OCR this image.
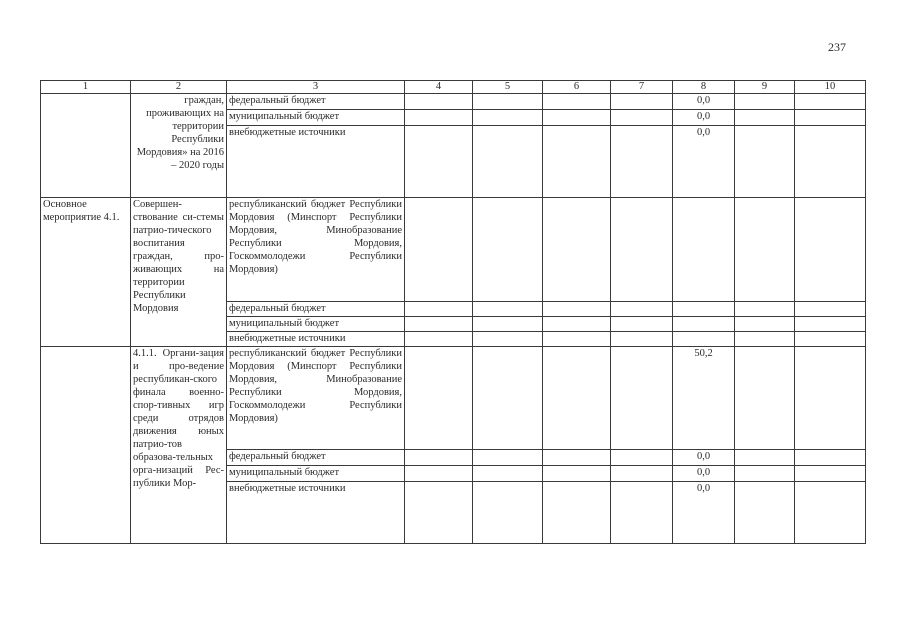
237
1	2	3	4	5	6	7	8	9	10
	граждан, проживающих на территории Республики Мордовия» на 2016 – 2020 годы	федеральный бюджет					0,0		
		муниципальный бюджет					0,0		
		внебюджетные источники					0,0		
Основное мероприятие 4.1.	Совершен-ствование си-стемы патрио-тического воспитания граждан, про-живающих на территории Республики Мордовия	республиканский бюджет Республики Мордовия (Минспорт Республики Мордовия, Минобразование Республики Мордовия, Госкоммолодежи Республики Мордовия)							
		федеральный бюджет							
		муниципальный бюджет							
		внебюджетные источники							
	4.1.1. Органи-зация и про-ведение республикан-ского финала военно-спор-тивных игр среди отрядов движения юных патрио-тов образова-тельных орга-низаций Рес-публики Мор-	республиканский бюджет Республики Мордовия (Минспорт Республики Мордовия, Минобразование Республики Мордовия, Госкоммолодежи Республики Мордовия)					50,2		
		федеральный бюджет					0,0		
		муниципальный бюджет					0,0		
		внебюджетные источники					0,0		
